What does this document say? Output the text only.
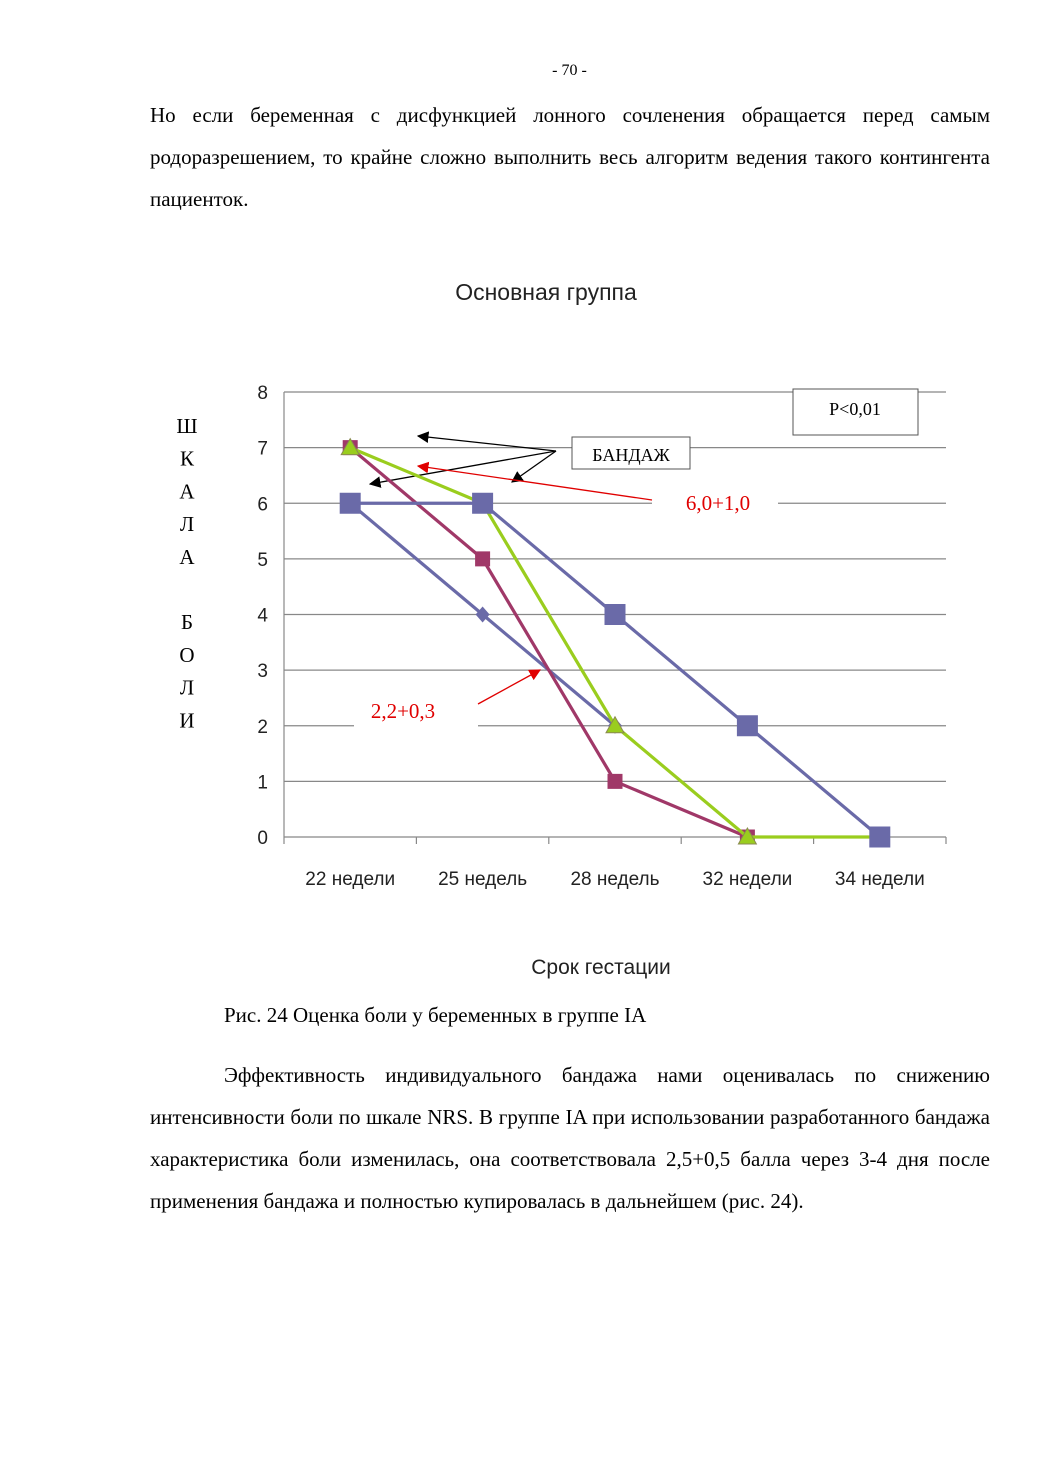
- 70 -

Но если беременная с дисфункцией лонного сочленения обращается перед самым родоразрешением, то крайне сложно выполнить весь алгоритм ведения такого контингента пациенток.

Основная группа
0
1
2
3
4
5
6
7
8
22 недели 25 недель 28 недель 32 недели 34 недели
Ш
К
А
Л
А
Б
О
Л
И
P<0,01
БАНДАЖ
6,0+1,0
2,2+0,3
Срок гестации
Рис. 24 Оценка боли у беременных в группе IA

Эффективность индивидуального бандажа нами оценивалась по снижению интенсивности боли по шкале NRS. В группе IA при использовании разработанного бандажа характеристика боли изменилась, она соответствовала 2,5+0,5 балла через 3-4 дня после применения бандажа и полностью купировалась в дальнейшем (рис. 24).
